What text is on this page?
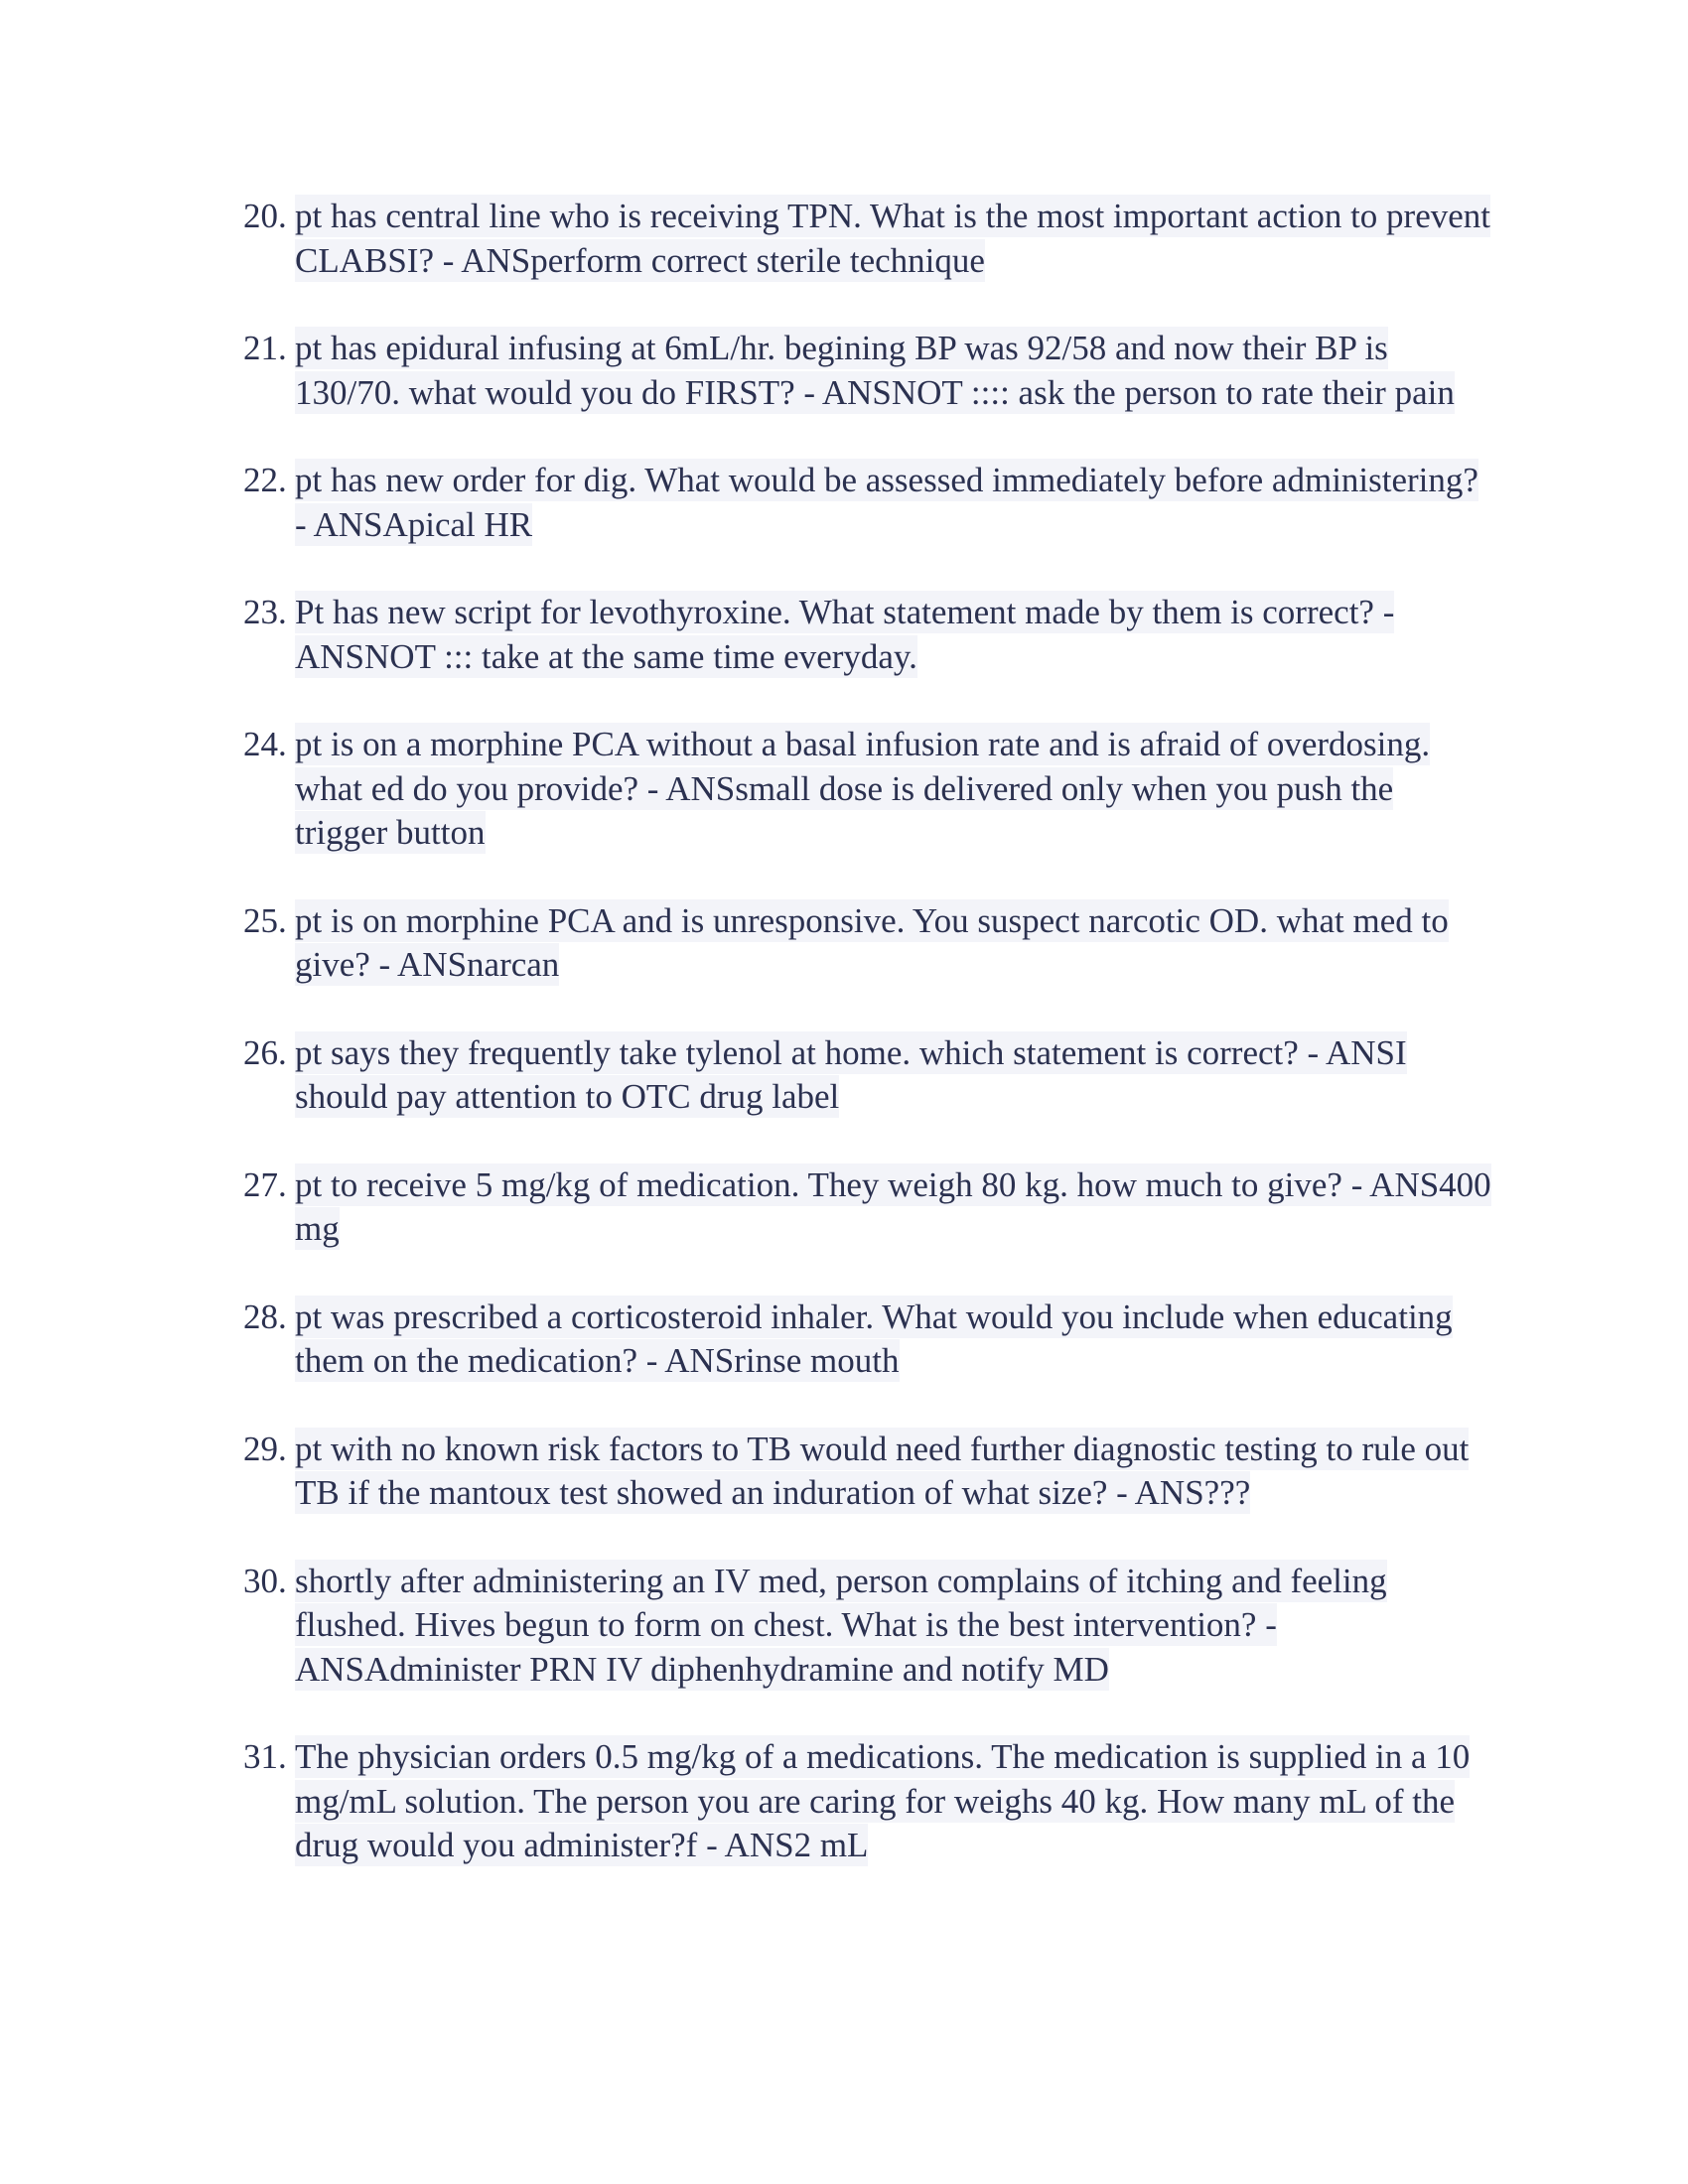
20. pt has central line who is receiving TPN. What is the most important action to prevent CLABSI? - ANSperform correct sterile technique
21. pt has epidural infusing at 6mL/hr. begining BP was 92/58 and now their BP is 130/70. what would you do FIRST? - ANSNOT :::: ask the person to rate their pain
22. pt has new order for dig. What would be assessed immediately before administering? - ANSApical HR
23. Pt has new script for levothyroxine. What statement made by them is correct? - ANSNOT ::: take at the same time everyday.
24. pt is on a morphine PCA without a basal infusion rate and is afraid of overdosing. what ed do you provide? - ANSsmall dose is delivered only when you push the trigger button
25. pt is on morphine PCA and is unresponsive. You suspect narcotic OD. what med to give? - ANSnarcan
26. pt says they frequently take tylenol at home. which statement is correct? - ANSI should pay attention to OTC drug label
27. pt to receive 5 mg/kg of medication. They weigh 80 kg. how much to give? - ANS400 mg
28. pt was prescribed a corticosteroid inhaler. What would you include when educating them on the medication? - ANSrinse mouth
29. pt with no known risk factors to TB would need further diagnostic testing to rule out TB if the mantoux test showed an induration of what size? - ANS???
30. shortly after administering an IV med, person complains of itching and feeling flushed. Hives begun to form on chest. What is the best intervention? - ANSAdminister PRN IV diphenhydramine and notify MD
31. The physician orders 0.5 mg/kg of a medications. The medication is supplied in a 10 mg/mL solution. The person you are caring for weighs 40 kg. How many mL of the drug would you administer?f - ANS2 mL
